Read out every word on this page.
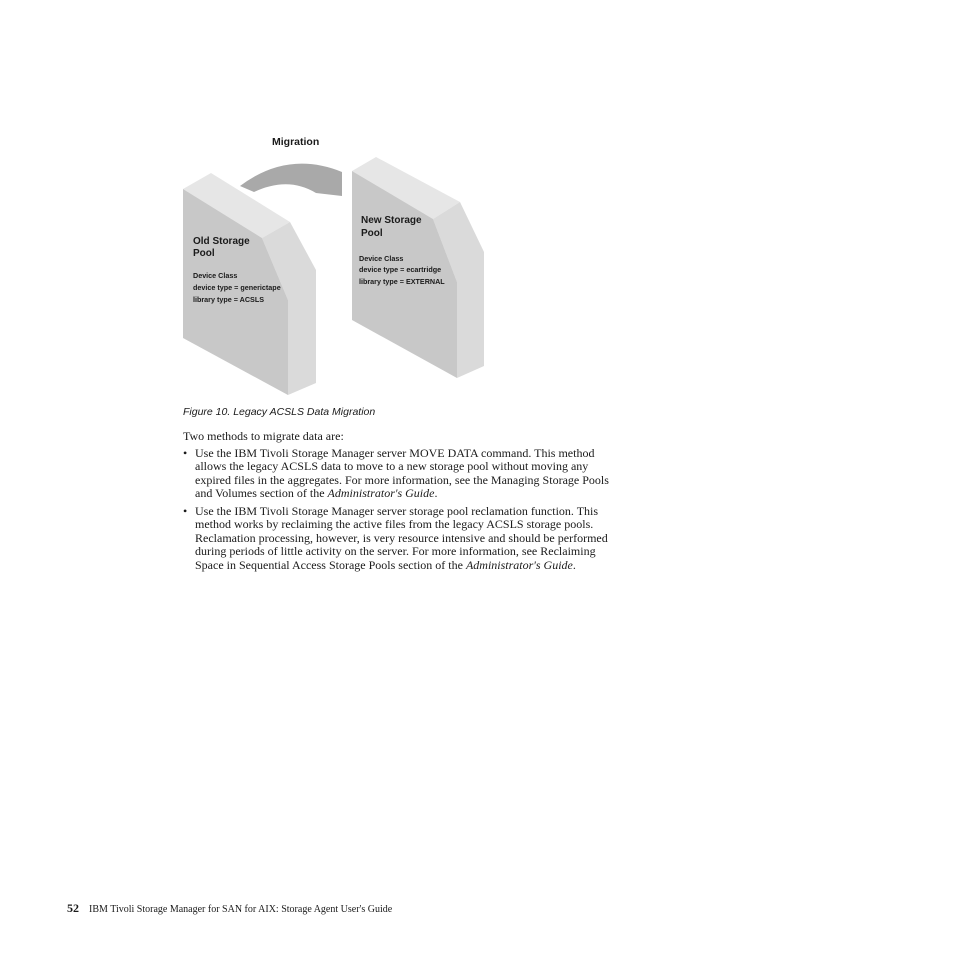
Migration
Old Storage
Pool
Device Class
device type = generictape
library type = ACSLS
New Storage
Pool
Device Class
device type = ecartridge
library type = EXTERNAL

Figure 10. Legacy ACSLS Data Migration

Two methods to migrate data are:

• Use the IBM Tivoli Storage Manager server MOVE DATA command. This method allows the legacy ACSLS data to move to a new storage pool without moving any expired files in the aggregates. For more information, see the Managing Storage Pools and Volumes section of the Administrator's Guide.
• Use the IBM Tivoli Storage Manager server storage pool reclamation function. This method works by reclaiming the active files from the legacy ACSLS storage pools. Reclamation processing, however, is very resource intensive and should be performed during periods of little activity on the server. For more information, see Reclaiming Space in Sequential Access Storage Pools section of the Administrator's Guide.
52 IBM Tivoli Storage Manager for SAN for AIX: Storage Agent User's Guide
